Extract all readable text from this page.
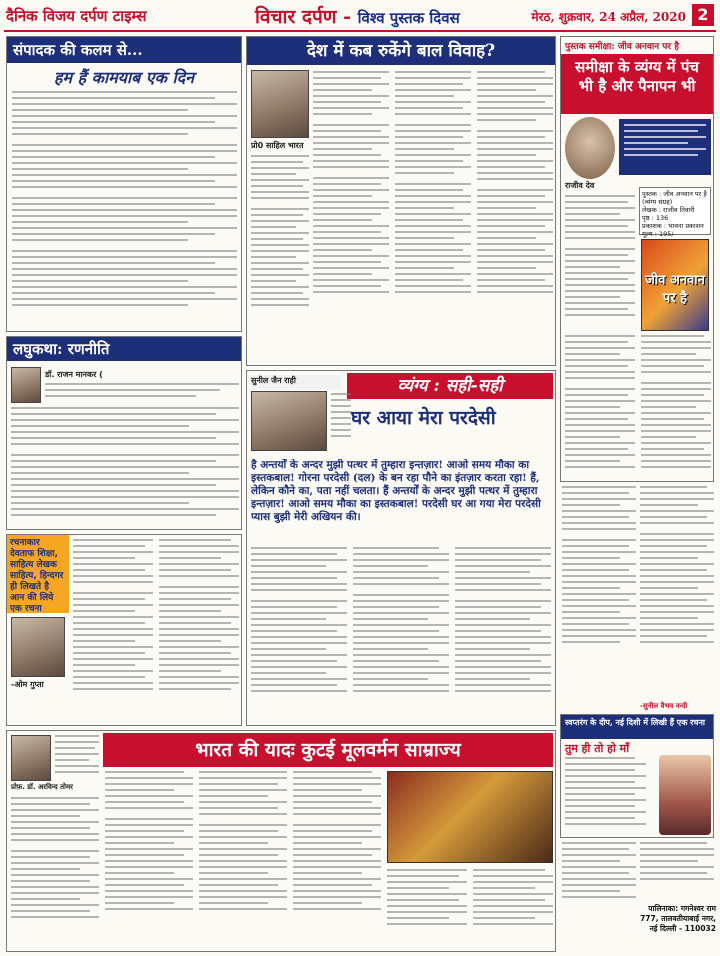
दैनिक विजय दर्पण टाइम्स	विचार दर्पण - विश्व पुस्तक दिवस	मेरठ, शुक्रवार, 24 अप्रैल, 2020 2
संपादक की कलम से...
हम हैं कामयाब एक दिन
देश में कब रुकेंगे बाल विवाह?
प्रो0 साहिल भारत
पुस्तक समीक्षा: जीव अनवान पर है
समीक्षा के व्यंग्य में पंच भी है और पैनापन भी
राजीव देव
पुस्तक : जीव अनवान पर है
(व्यंग्य संग्रह)
लेखक : राजीव तिवारी
पृष्ठ : 136
प्रकाशक : भावना प्रकाशन
मूल्य : 195/-
जीव अनवान पर है
लघुकथा: रणनीति
डॉ. राजन मानकर (
सुनील जैन राही	व्यंग्य : सही-सही
घर आया मेरा परदेसी
है अन्तर्यों के अन्दर मुझी पत्थर में तुम्हारा इन्तज़ार! आओ समय मौका का इस्तकबाल! गोरना परदेसी (दल) के बन रहा पौने का इंतज़ार करता रहा! हैं, लेकिन कौने का, पता नहीं चलता। हैं अन्तर्यों के अन्दर मुझी पत्थर में तुम्हारा इन्तज़ार! आओ समय मौका का इस्तकबाल! परदेसी घर आ गया मेरा परदेसी प्यास बुझी मेरी अखियन की।
-सुनील वैभव नन्दी
स्वप्तरंग के दीप, नई दिशी में लिखी हैं एक रचना
तुम ही तो हो माँ
रचनाकार देवताफ शिक्षा, साहित्य लेखक साहित्य, हिन्दगर ही लिखते है आन की लिये एक रचना
-ओम गुप्ता
प्रोफ़. डॉ. अरविन्द तोमर
भारत की यादः कुटई मूलवर्मन साम्राज्य
पालिनाका: गगनेश्वर राम
777, तालवतीयाबाई नगर,
नई दिल्ली - 110032
